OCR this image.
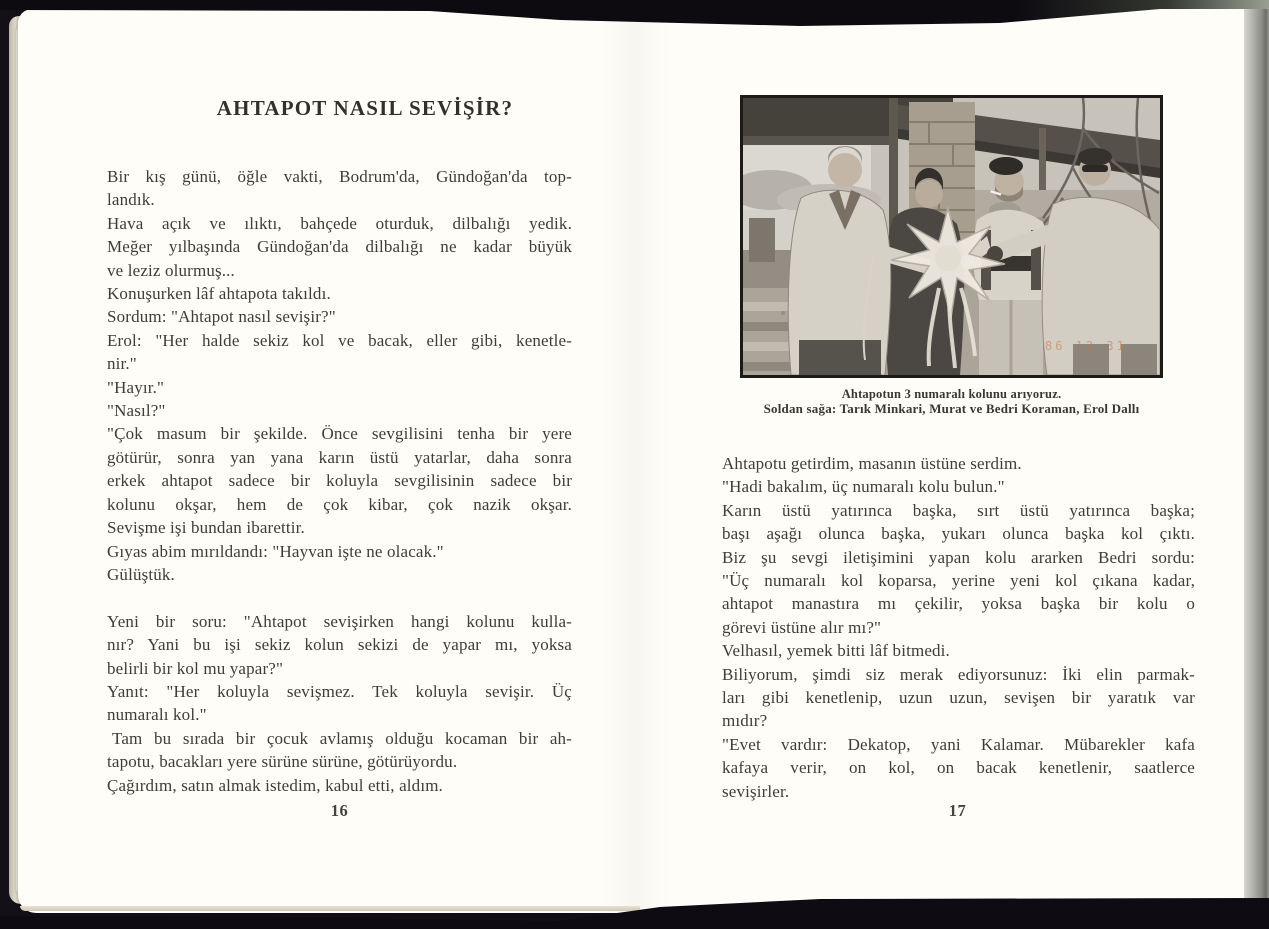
AHTAPOT NASIL SEVİŞİR?
Bir kış günü, öğle vakti, Bodrum'da, Gündoğan'da top-
landık.
Hava açık ve ılıktı, bahçede oturduk, dilbalığı yedik.
Meğer yılbaşında Gündoğan'da dilbalığı ne kadar büyük
ve leziz olurmuş...
Konuşurken lâf ahtapota takıldı.
Sordum: "Ahtapot nasıl sevişir?"
Erol: "Her halde sekiz kol ve bacak, eller gibi, kenetle-
nir."
"Hayır."
"Nasıl?"
"Çok masum bir şekilde. Önce sevgilisini tenha bir yere
götürür, sonra yan yana karın üstü yatarlar, daha sonra
erkek ahtapot sadece bir koluyla sevgilisinin sadece bir
kolunu okşar, hem de çok kibar, çok nazik okşar.
Sevişme işi bundan ibarettir.
Gıyas abim mırıldandı: "Hayvan işte ne olacak."
Gülüştük.
Yeni bir soru: "Ahtapot sevişirken hangi kolunu kulla-
nır? Yani bu işi sekiz kolun sekizi de yapar mı, yoksa
belirli bir kol mu yapar?"
Yanıt: "Her koluyla sevişmez. Tek koluyla sevişir. Üç
numaralı kol."
Tam bu sırada bir çocuk avlamış olduğu kocaman bir ah-
tapotu, bacakları yere sürüne sürüne, götürüyordu.
Çağırdım, satın almak istedim, kabul etti, aldım.
16
86 12 31
Ahtapotun 3 numaralı kolunu arıyoruz.
Soldan sağa: Tarık Minkari, Murat ve Bedri Koraman, Erol Dallı
Ahtapotu getirdim, masanın üstüne serdim.
"Hadi bakalım, üç numaralı kolu bulun."
Karın üstü yatırınca başka, sırt üstü yatırınca başka;
başı aşağı olunca başka, yukarı olunca başka kol çıktı.
Biz şu sevgi iletişimini yapan kolu ararken Bedri sordu:
"Üç numaralı kol koparsa, yerine yeni kol çıkana kadar,
ahtapot manastıra mı çekilir, yoksa başka bir kolu o
görevi üstüne alır mı?"
Velhasıl, yemek bitti lâf bitmedi.
Biliyorum, şimdi siz merak ediyorsunuz: İki elin parmak-
ları gibi kenetlenip, uzun uzun, sevişen bir yaratık var
mıdır?
"Evet vardır: Dekatop, yani Kalamar. Mübarekler kafa
kafaya verir, on kol, on bacak kenetlenir, saatlerce
sevişirler.
17
